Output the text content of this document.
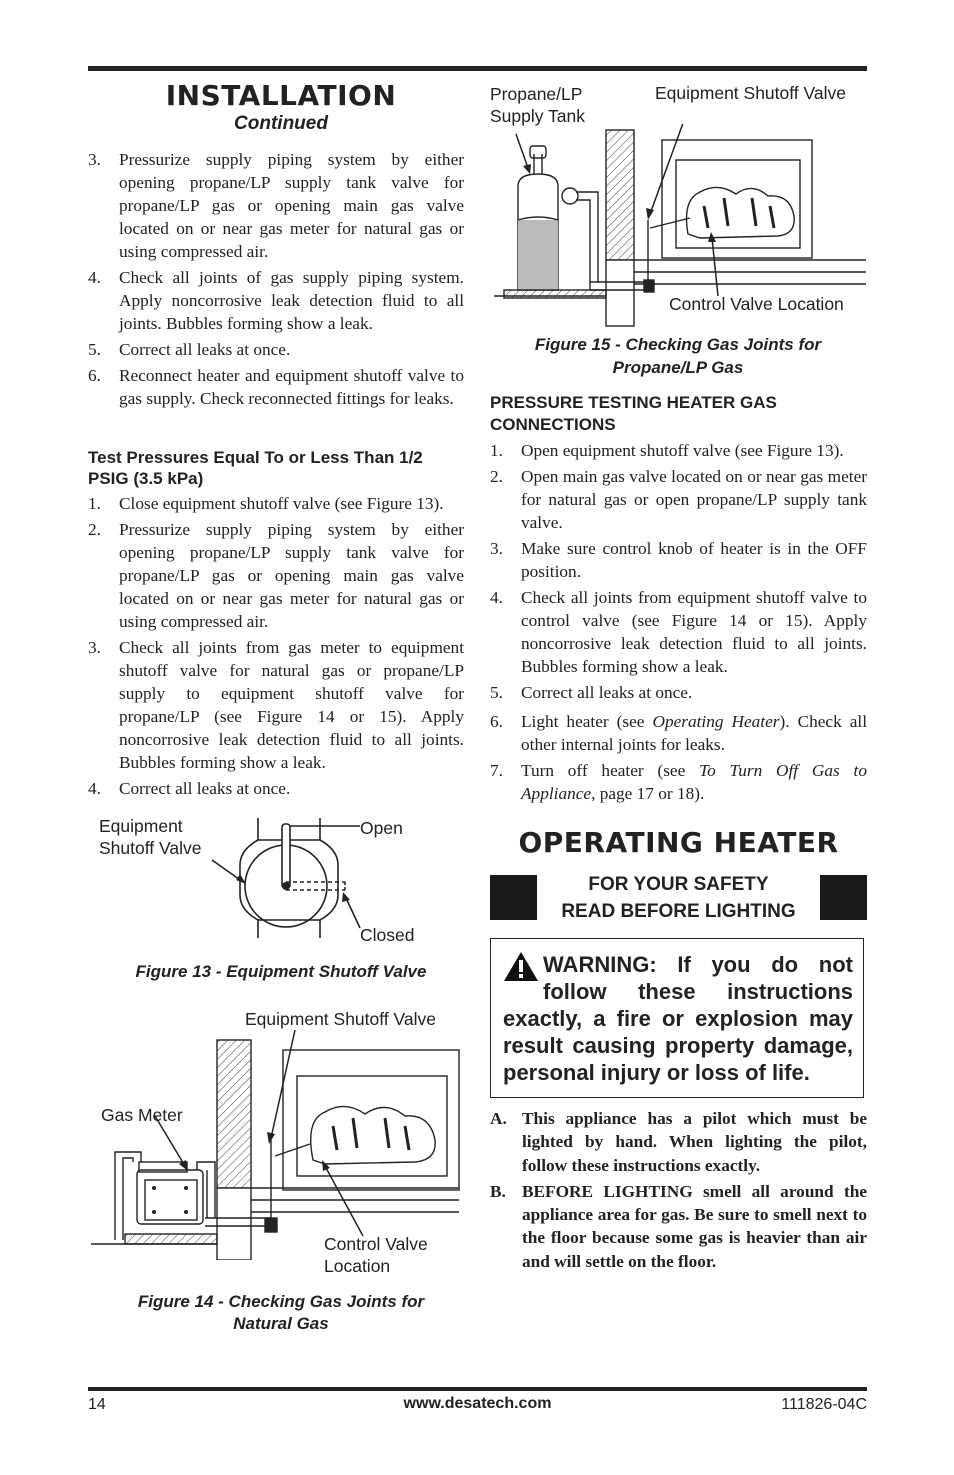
INSTALLATION
Continued
3. Pressurize supply piping system by either opening propane/LP supply tank valve for propane/LP gas or opening main gas valve located on or near gas meter for natural gas or using compressed air.
4. Check all joints of gas supply piping system. Apply noncorrosive leak detection fluid to all joints. Bubbles forming show a leak.
5. Correct all leaks at once.
6. Reconnect heater and equipment shutoff valve to gas supply. Check reconnected fittings for leaks.
Test Pressures Equal To or Less Than 1/2 PSIG (3.5 kPa)
1. Close equipment shutoff valve (see Figure 13).
2. Pressurize supply piping system by either opening propane/LP supply tank valve for propane/LP gas or opening main gas valve located on or near gas meter for natural gas or using compressed air.
3. Check all joints from gas meter to equipment shutoff valve for natural gas or propane/LP supply to equipment shutoff valve for propane/LP (see Figure 14 or 15). Apply noncorrosive leak detection fluid to all joints. Bubbles forming show a leak.
4. Correct all leaks at once.
Equipment
Shutoff Valve
Open
Closed
Figure 13 - Equipment Shutoff Valve
Equipment Shutoff Valve
Gas Meter
Control Valve
Location
Figure 14 - Checking Gas Joints for
Natural Gas
Propane/LP
Supply Tank
Equipment Shutoff Valve
Control Valve Location
Figure 15 - Checking Gas Joints for
Propane/LP Gas
PRESSURE TESTING HEATER GAS
CONNECTIONS
1. Open equipment shutoff valve (see Figure 13).
2. Open main gas valve located on or near gas meter for natural gas or open propane/LP supply tank valve.
3. Make sure control knob of heater is in the OFF position.
4. Check all joints from equipment shutoff valve to control valve (see Figure 14 or 15). Apply noncorrosive leak detection fluid to all joints. Bubbles forming show a leak.
5. Correct all leaks at once.
6. Light heater (see Operating Heater). Check all other internal joints for leaks.
7. Turn off heater (see To Turn Off Gas to Appliance, page 17 or 18).
OPERATING HEATER
FOR YOUR SAFETY
READ BEFORE LIGHTING
WARNING: If you do not follow these instructions exactly, a fire or explosion may result causing property damage, personal injury or loss of life.
A. This appliance has a pilot which must be lighted by hand. When lighting the pilot, follow these instructions exactly.
B. BEFORE LIGHTING smell all around the appliance area for gas. Be sure to smell next to the floor because some gas is heavier than air and will settle on the floor.
14	www.desatech.com	111826-04C
